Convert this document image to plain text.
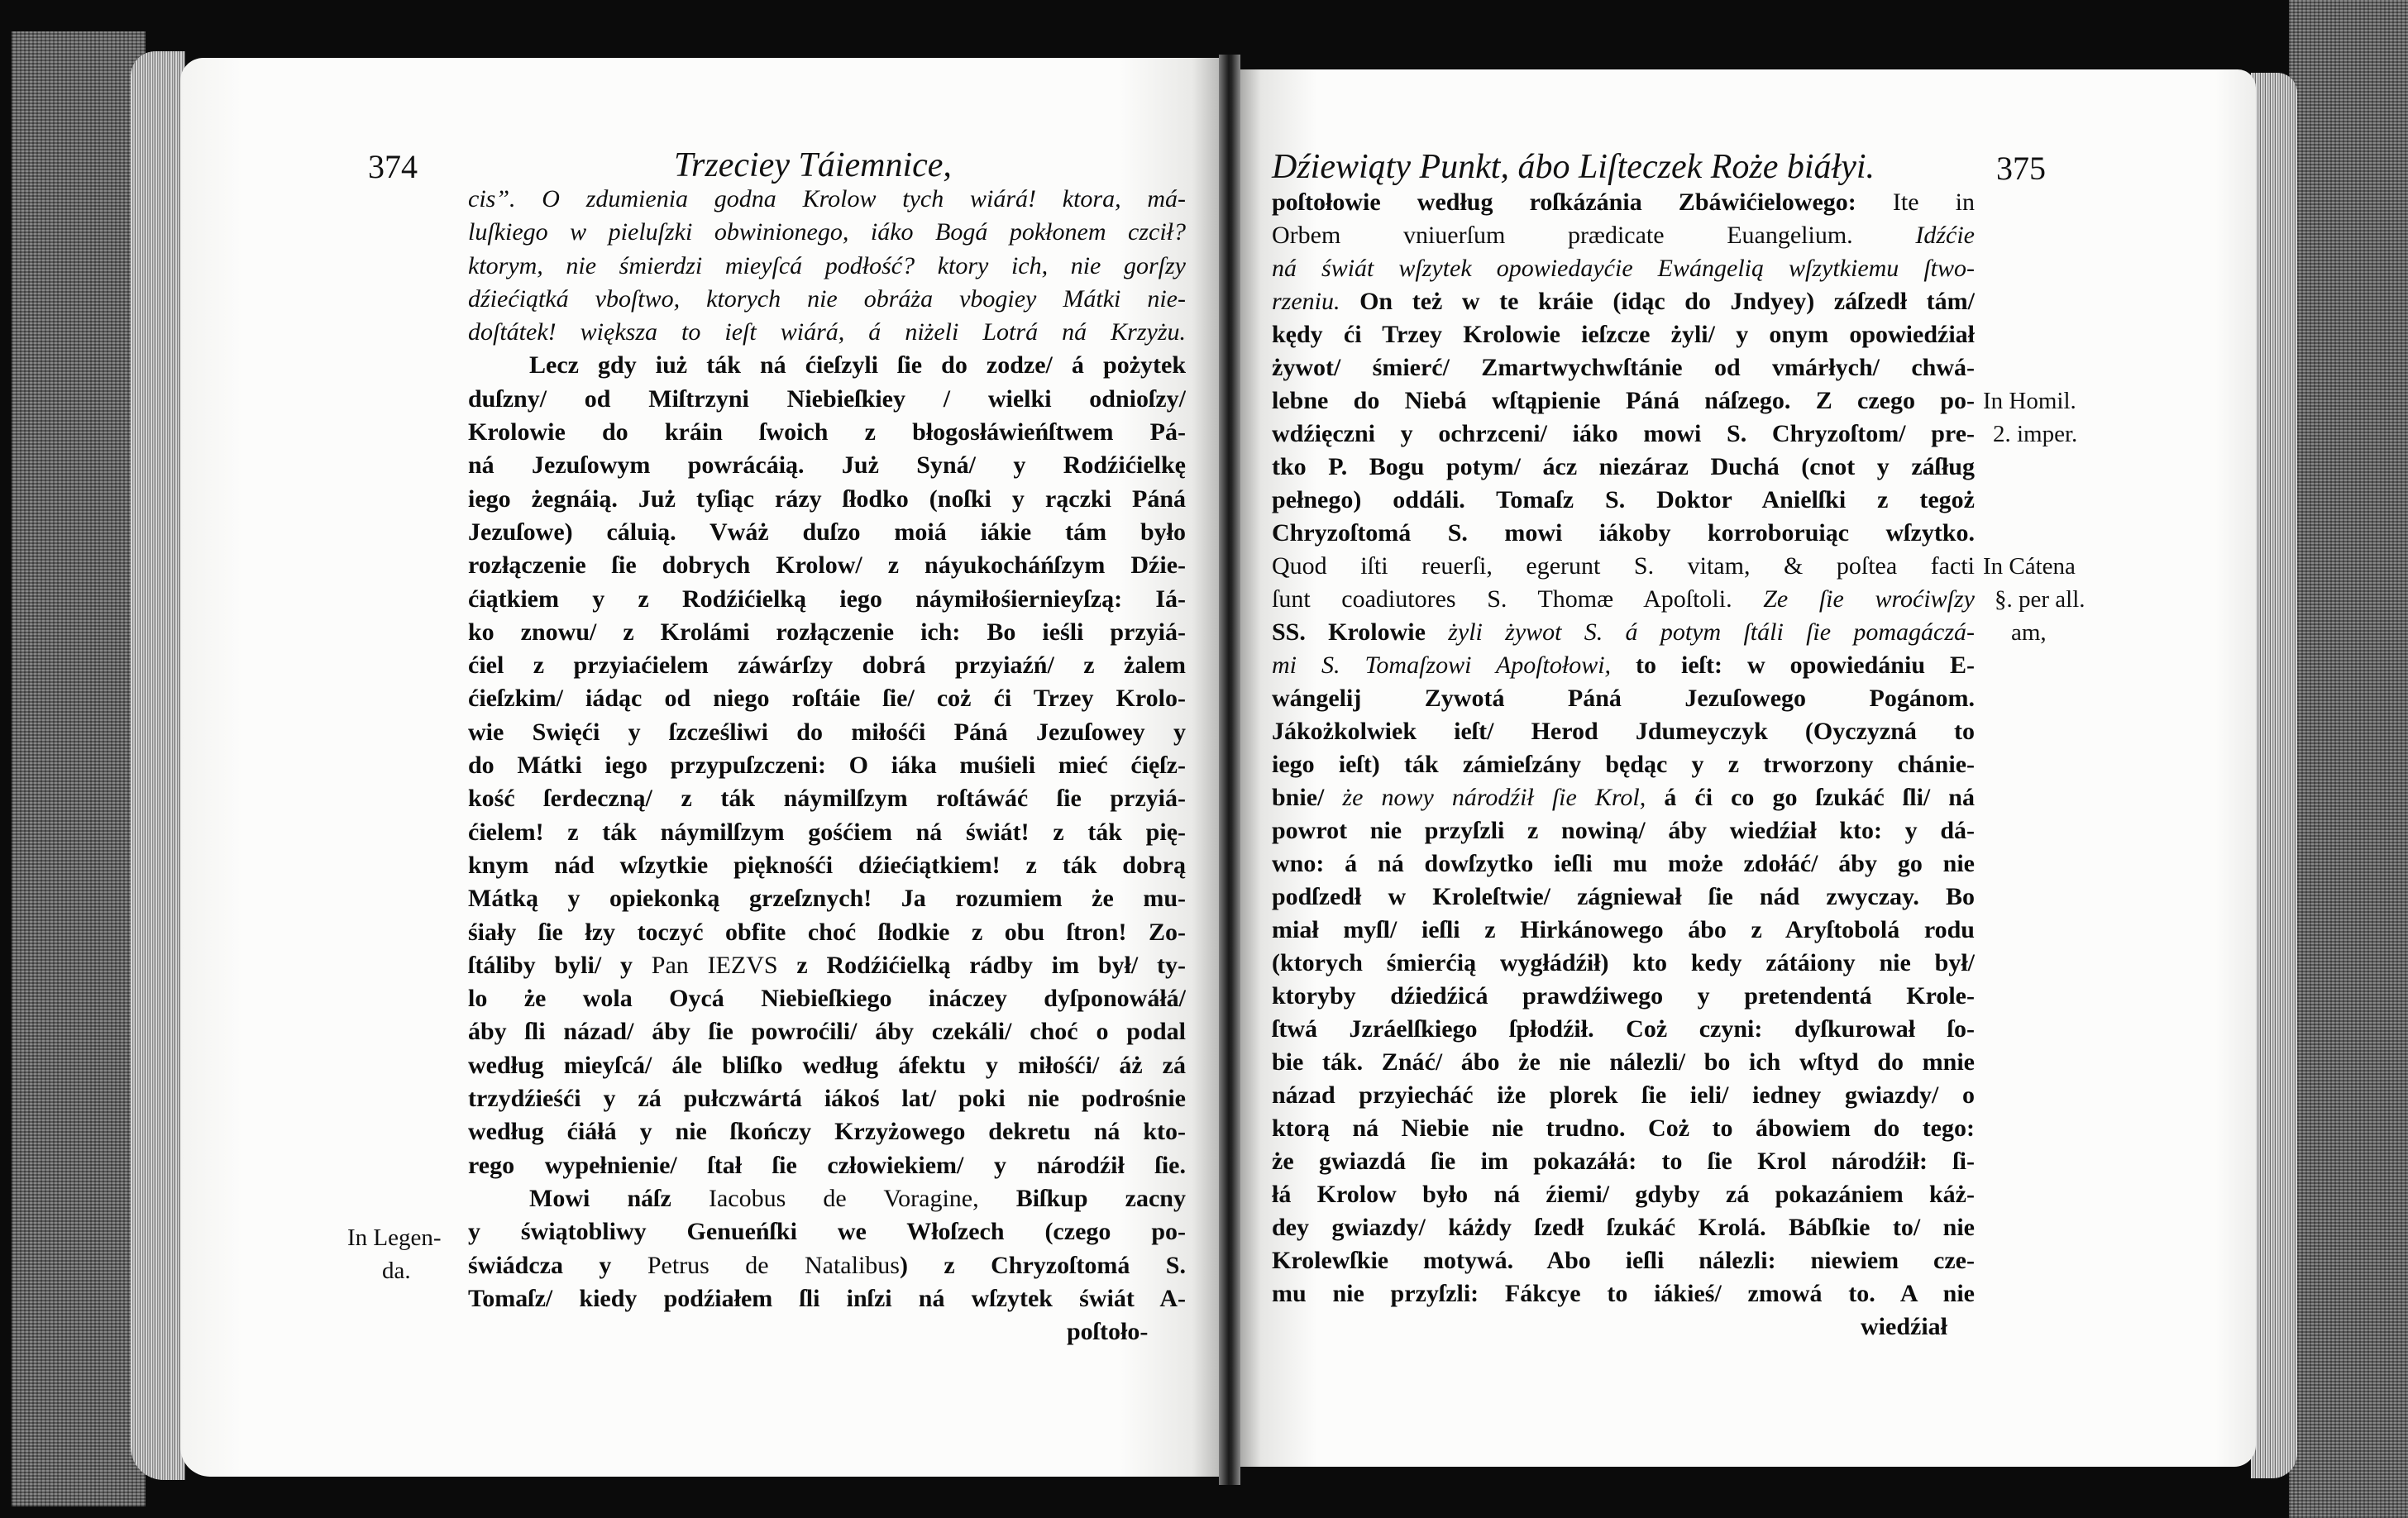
374	Trzeciey Táiemnice,	Dźiewiąty Punkt, ábo Liſteczek Roże biáłyi.	375
cis”. O zdumienia godna Krolow tych wiárá! ktora, má-
luſkiego w pieluſzki obwinionego, iáko Bogá pokłonem czcił?
ktorym, nie śmierdzi mieyſcá podłość? ktory ich, nie gorſzy
dźiećiątká vboſtwo, ktorych nie obráża vbogiey Mátki nie-
doſtátek! większa to ieſt wiárá, á niżeli Lotrá ná Krzyżu.
Lecz gdy iuż ták ná ćieſzyli ſie do zodze/ á pożytek
duſzny/ od Miſtrzyni Niebieſkiey / wielki odnioſzy/
Krolowie do kráin ſwoich z błogosłáwieńſtwem Pá-
ná Jezuſowym powrácáią. Już Syná/ y Rodźićielkę
iego żegnáią. Już tyſiąc rázy ſłodko (noſki y rączki Páná
Jezuſowe) cáluią. Vwáż duſzo moiá iákie tám było
rozłączenie ſie dobrych Krolow/ z náyukocháńſzym Dźie-
ćiątkiem y z Rodźićielką iego náymiłośiernieyſzą: Iá-
ko znowu/ z Krolámi rozłączenie ich: Bo ieśli przyiá-
ćiel z przyiaćielem záwárſzy dobrá przyiaźń/ z żalem
ćieſzkim/ iádąc od niego roſtáie ſie/ coż ći Trzey Krolo-
wie Swięći y ſzcześliwi do miłośći Páná Jezuſowey y
do Mátki iego przypuſzczeni: O iáka muśieli mieć ćięſz-
kość ſerdeczną/ z ták náymilſzym roſtáwáć ſie przyiá-
ćielem! z ták náymilſzym gośćiem ná świát! z ták pię-
knym nád wſzytkie pięknośći dźiećiątkiem! z ták dobrą
Mátką y opiekonką grzeſznych! Ja rozumiem że mu-
śiały ſie łzy toczyć obfite choć ſłodkie z obu ſtron! Zo-
ſtáliby byli/ y Pan IEZVS z Rodźićielką rádby im był/ ty-
lo że wola Oycá Niebieſkiego ináczey dyſponowáłá/
áby ſli názad/ áby ſie powroćili/ áby czekáli/ choć o podal
według mieyſcá/ ále bliſko według áfektu y miłośći/ áż zá
trzydźieśći y zá pułczwártá iákoś lat/ poki nie podrośnie
według ćiáłá y nie ſkończy Krzyżowego dekretu ná kto-
rego wypełnienie/ ſtał ſie człowiekiem/ y národźił ſie.
Mowi náſz Iacobus de Voragine, Biſkup zacny
y świątobliwy Genueńſki we Włoſzech (czego po-
świádcza y Petrus de Natalibus) z Chryzoſtomá S.
Tomaſz/ kiedy podźiałem ſli inſzi ná wſzytek świát A-
poſtołowie według roſkázánia Zbáwićielowego: Ite in
Orbem vniuerſum prædicate Euangelium. Idźćie
ná świát wſzytek opowiedayćie Ewángelią wſzytkiemu ſtwo-
rzeniu. On też w te kráie (idąc do Jndyey) záſzedł tám/
kędy ći Trzey Krolowie ieſzcze żyli/ y onym opowiedźiał
żywot/ śmierć/ Zmartwychwſtánie od vmárłych/ chwá-
lebne do Niebá wſtąpienie Páná náſzego. Z czego po-
wdźięczni y ochrzceni/ iáko mowi S. Chryzoſtom/ pre-
tko P. Bogu potym/ ácz niezáraz Duchá (cnot y záſług
pełnego) oddáli. Tomaſz S. Doktor Anielſki z tegoż
Chryzoſtomá S. mowi iákoby korroboruiąc wſzytko.
Quod iſti reuerſi, egerunt S. vitam, & poſtea facti
ſunt coadiutores S. Thomæ Apoſtoli. Ze ſie wroćiwſzy
SS. Krolowie żyli żywot S. á potym ſtáli ſie pomagáczá-
mi S. Tomaſzowi Apoſtołowi, to ieſt: w opowiedániu E-
wángelij Zywotá Páná Jezuſowego Pogánom.
Jákożkolwiek ieſt/ Herod Jdumeyczyk (Oyczyzná to
iego ieſt) ták zámieſzány będąc y z trworzony chánie-
bnie/ że nowy národźił ſie Krol, á ći co go ſzukáć ſli/ ná
powrot nie przyſzli z nowiną/ áby wiedźiał kto: y dá-
wno: á ná dowſzytko ieſli mu może zdołáć/ áby go nie
podſzedł w Kroleſtwie/ zágniewał ſie nád zwyczay. Bo
miał myſl/ ieſli z Hirkánowego ábo z Aryſtobolá rodu
(ktorych śmierćią wygłádźił) kto kedy zátáiony nie był/
ktoryby dźiedźicá prawdźiwego y pretendentá Krole-
ſtwá Jzráelſkiego ſpłodźił. Coż czyni: dyſkurował ſo-
bie ták. Znáć/ ábo że nie nálezli/ bo ich wſtyd do mnie
názad przyiecháć iże plorek ſie ieli/ iedney gwiazdy/ o
ktorą ná Niebie nie trudno. Coż to ábowiem do tego:
że gwiazdá ſie im pokazáłá: to ſie Krol národźił: ſi-
łá Krolow było ná źiemi/ gdyby zá pokazániem káż-
dey gwiazdy/ káżdy ſzedł ſzukáć Krolá. Bábſkie to/ nie
Krolewſkie motywá. Abo ieſli nálezli: niewiem cze-
mu nie przyſzli: Fákcye to iákieś/ zmowá to. A nie
In Legen-
da.
In Homil.
2. imper.
In Cátena
§. per all.
am,
poſtoło-	wiedźiał
